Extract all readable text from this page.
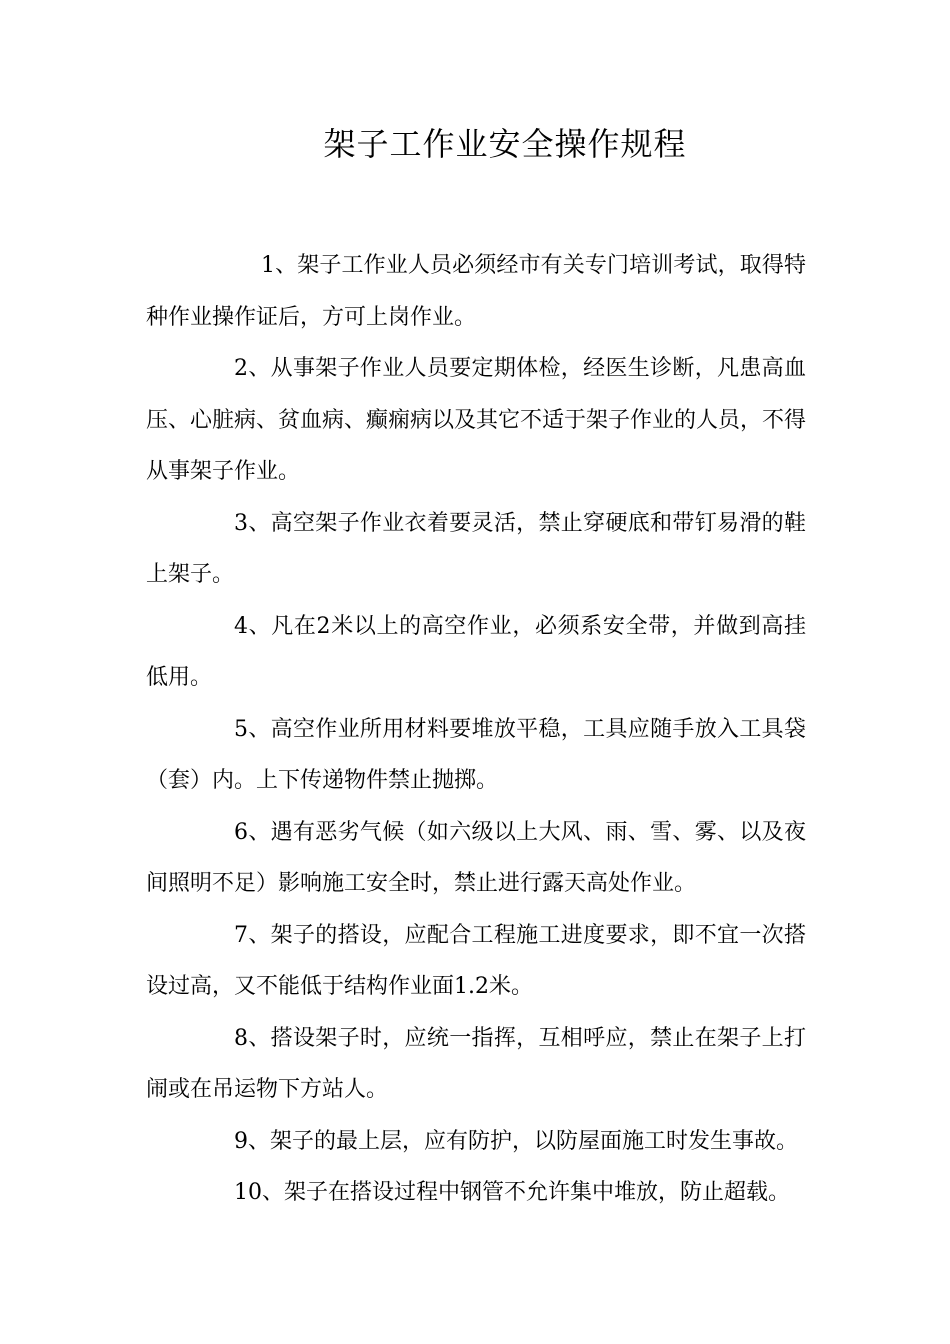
架子工作业安全操作规程

1、架子工作业人员必须经市有关专门培训考试，取得特种作业操作证后，方可上岗作业。

2、从事架子作业人员要定期体检，经医生诊断，凡患高血压、心脏病、贫血病、癫痫病以及其它不适于架子作业的人员，不得从事架子作业。

3、高空架子作业衣着要灵活，禁止穿硬底和带钉易滑的鞋上架子。

4、凡在2米以上的高空作业，必须系安全带，并做到高挂低用。

5、高空作业所用材料要堆放平稳，工具应随手放入工具袋（套）内。上下传递物件禁止抛掷。

6、遇有恶劣气候（如六级以上大风、雨、雪、雾、以及夜间照明不足）影响施工安全时，禁止进行露天高处作业。

7、架子的搭设，应配合工程施工进度要求，即不宜一次搭设过高，又不能低于结构作业面1.2米。

8、搭设架子时，应统一指挥，互相呼应，禁止在架子上打闹或在吊运物下方站人。

9、架子的最上层，应有防护，以防屋面施工时发生事故。

10、架子在搭设过程中钢管不允许集中堆放，防止超载。
